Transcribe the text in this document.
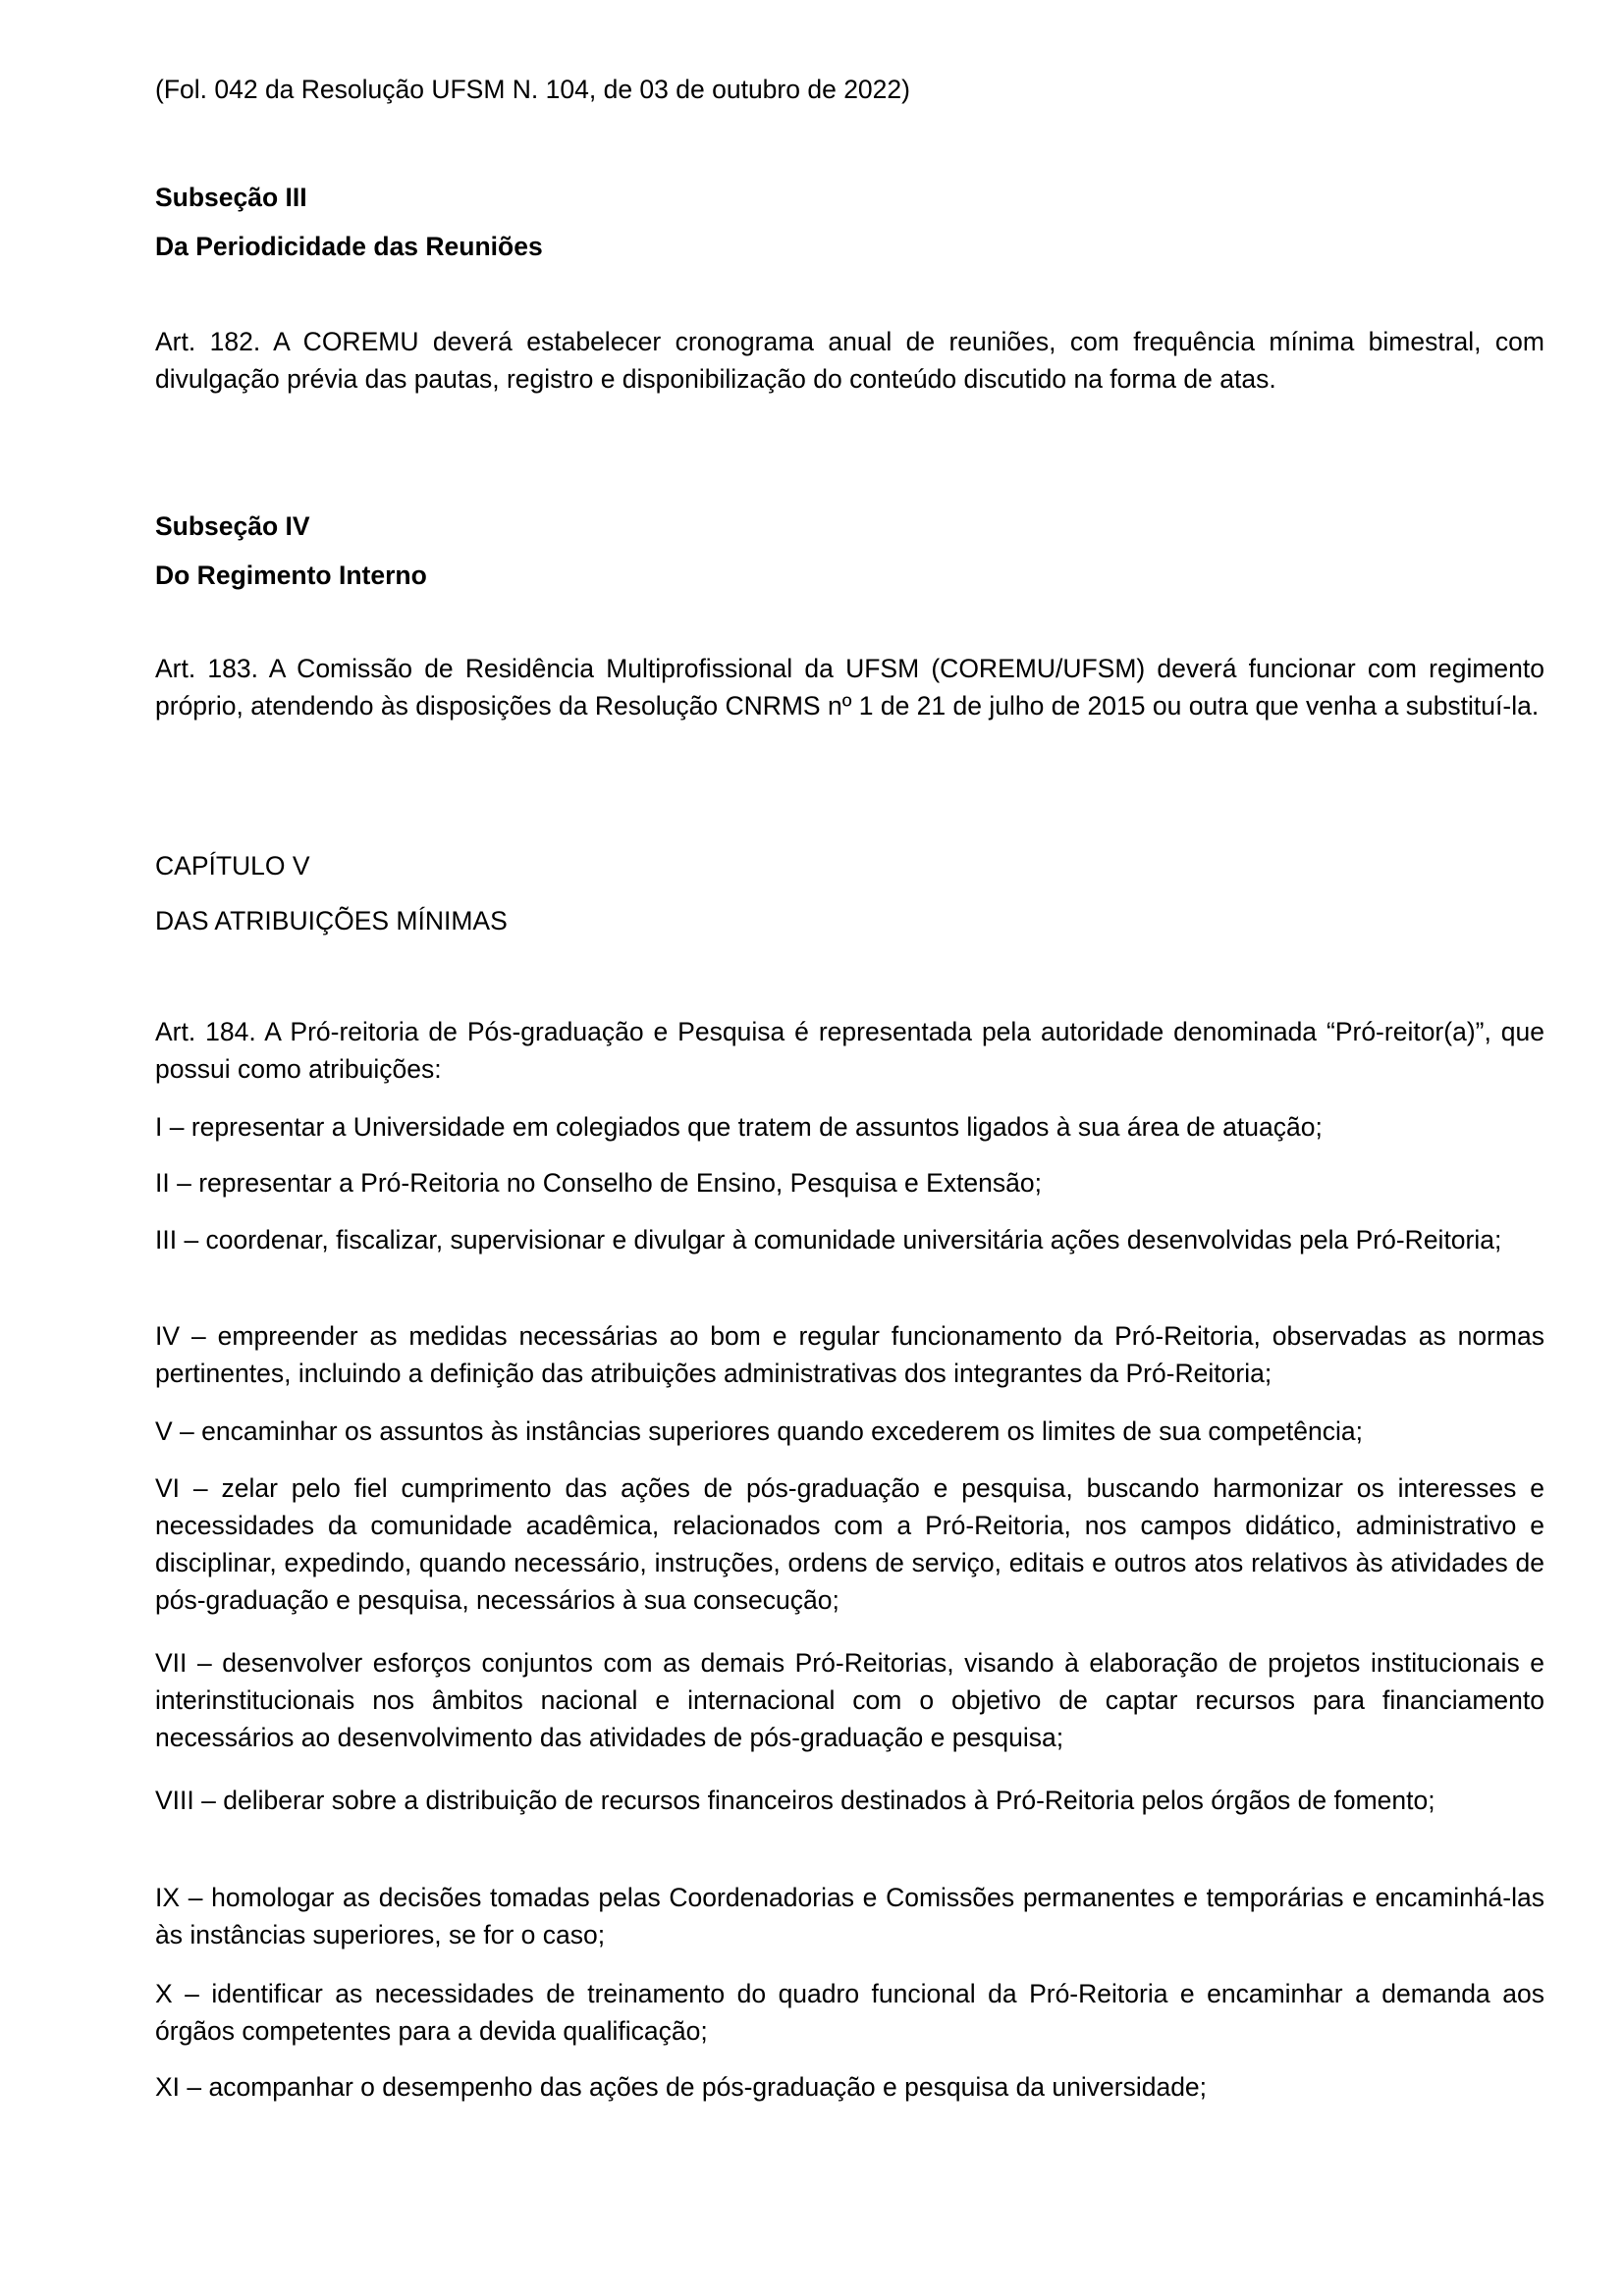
(Fol. 042 da Resolução UFSM N. 104, de 03 de outubro de 2022)

Subseção III
Da Periodicidade das Reuniões

Art. 182. A COREMU deverá estabelecer cronograma anual de reuniões, com frequência mínima bimestral, com divulgação prévia das pautas, registro e disponibilização do conteúdo discutido na forma de atas.

Subseção IV
Do Regimento Interno

Art. 183. A Comissão de Residência Multiprofissional da UFSM (COREMU/UFSM) deverá funcionar com regimento próprio, atendendo às disposições da Resolução CNRMS nº 1 de 21 de julho de 2015 ou outra que venha a substituí-la.

CAPÍTULO V
DAS ATRIBUIÇÕES MÍNIMAS

Art. 184. A Pró-reitoria de Pós-graduação e Pesquisa é representada pela autoridade denominada “Pró-reitor(a)”, que possui como atribuições:

I – representar a Universidade em colegiados que tratem de assuntos ligados à sua área de atuação;

II – representar a Pró-Reitoria no Conselho de Ensino, Pesquisa e Extensão;

III – coordenar, fiscalizar, supervisionar e divulgar à comunidade universitária ações desenvolvidas pela Pró-Reitoria;

IV – empreender as medidas necessárias ao bom e regular funcionamento da Pró-Reitoria, observadas as normas pertinentes, incluindo a definição das atribuições administrativas dos integrantes da Pró-Reitoria;

V – encaminhar os assuntos às instâncias superiores quando excederem os limites de sua competência;

VI – zelar pelo fiel cumprimento das ações de pós-graduação e pesquisa, buscando harmonizar os interesses e necessidades da comunidade acadêmica, relacionados com a Pró-Reitoria, nos campos didático, administrativo e disciplinar, expedindo, quando necessário, instruções, ordens de serviço, editais e outros atos relativos às atividades de pós-graduação e pesquisa, necessários à sua consecução;

VII – desenvolver esforços conjuntos com as demais Pró-Reitorias, visando à elaboração de projetos institucionais e interinstitucionais nos âmbitos nacional e internacional com o objetivo de captar recursos para financiamento necessários ao desenvolvimento das atividades de pós-graduação e pesquisa;

VIII – deliberar sobre a distribuição de recursos financeiros destinados à Pró-Reitoria pelos órgãos de fomento;

IX – homologar as decisões tomadas pelas Coordenadorias e Comissões permanentes e temporárias e encaminhá-las às instâncias superiores, se for o caso;

X – identificar as necessidades de treinamento do quadro funcional da Pró-Reitoria e encaminhar a demanda aos órgãos competentes para a devida qualificação;

XI – acompanhar o desempenho das ações de pós-graduação e pesquisa da universidade;
